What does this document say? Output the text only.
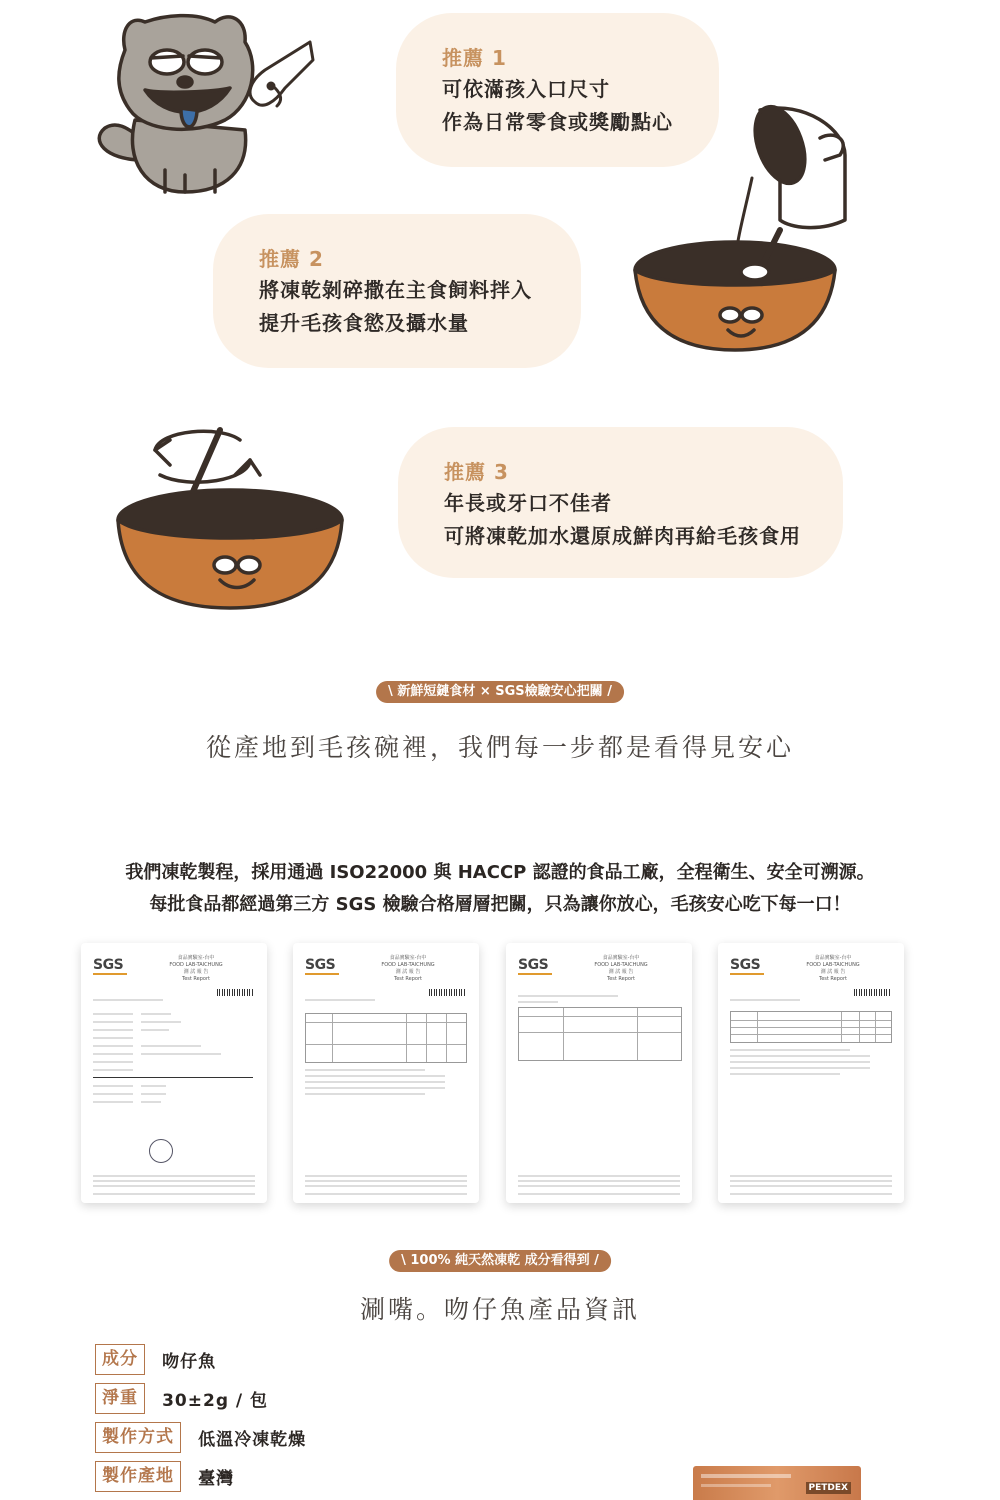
推薦 1
可依滿孩入口尺寸
作為日常零食或獎勵點心
推薦 2
將凍乾剝碎撒在主食飼料拌入
提升毛孩食慾及攝水量
推薦 3
年長或牙口不佳者
可將凍乾加水還原成鮮肉再給毛孩食用
\ 新鮮短鏈食材 × SGS檢驗安心把關 /
從產地到毛孩碗裡，我們每一步都是看得見安心
我們凍乾製程，採用通過 ISO22000 與 HACCP 認證的食品工廠，全程衛生、安全可溯源。
每批食品都經過第三方 SGS 檢驗合格層層把關，只為讓你放心，毛孩安心吃下每一口！
SGS	食品實驗室-台中
FOOD LAB-TAICHUNG
測 試 報 告
Test Report
SGS	食品實驗室-台中
FOOD LAB-TAICHUNG
測 試 報 告
Test Report
SGS	食品實驗室-台中
FOOD LAB-TAICHUNG
測 試 報 告
Test Report
SGS	食品實驗室-台中
FOOD LAB-TAICHUNG
測 試 報 告
Test Report
\ 100% 純天然凍乾 成分看得到 /
涮嘴。吻仔魚產品資訊
成分 吻仔魚
淨重 30±2g / 包
製作方式 低溫冷凍乾燥
製作產地 臺灣	PETDEX
